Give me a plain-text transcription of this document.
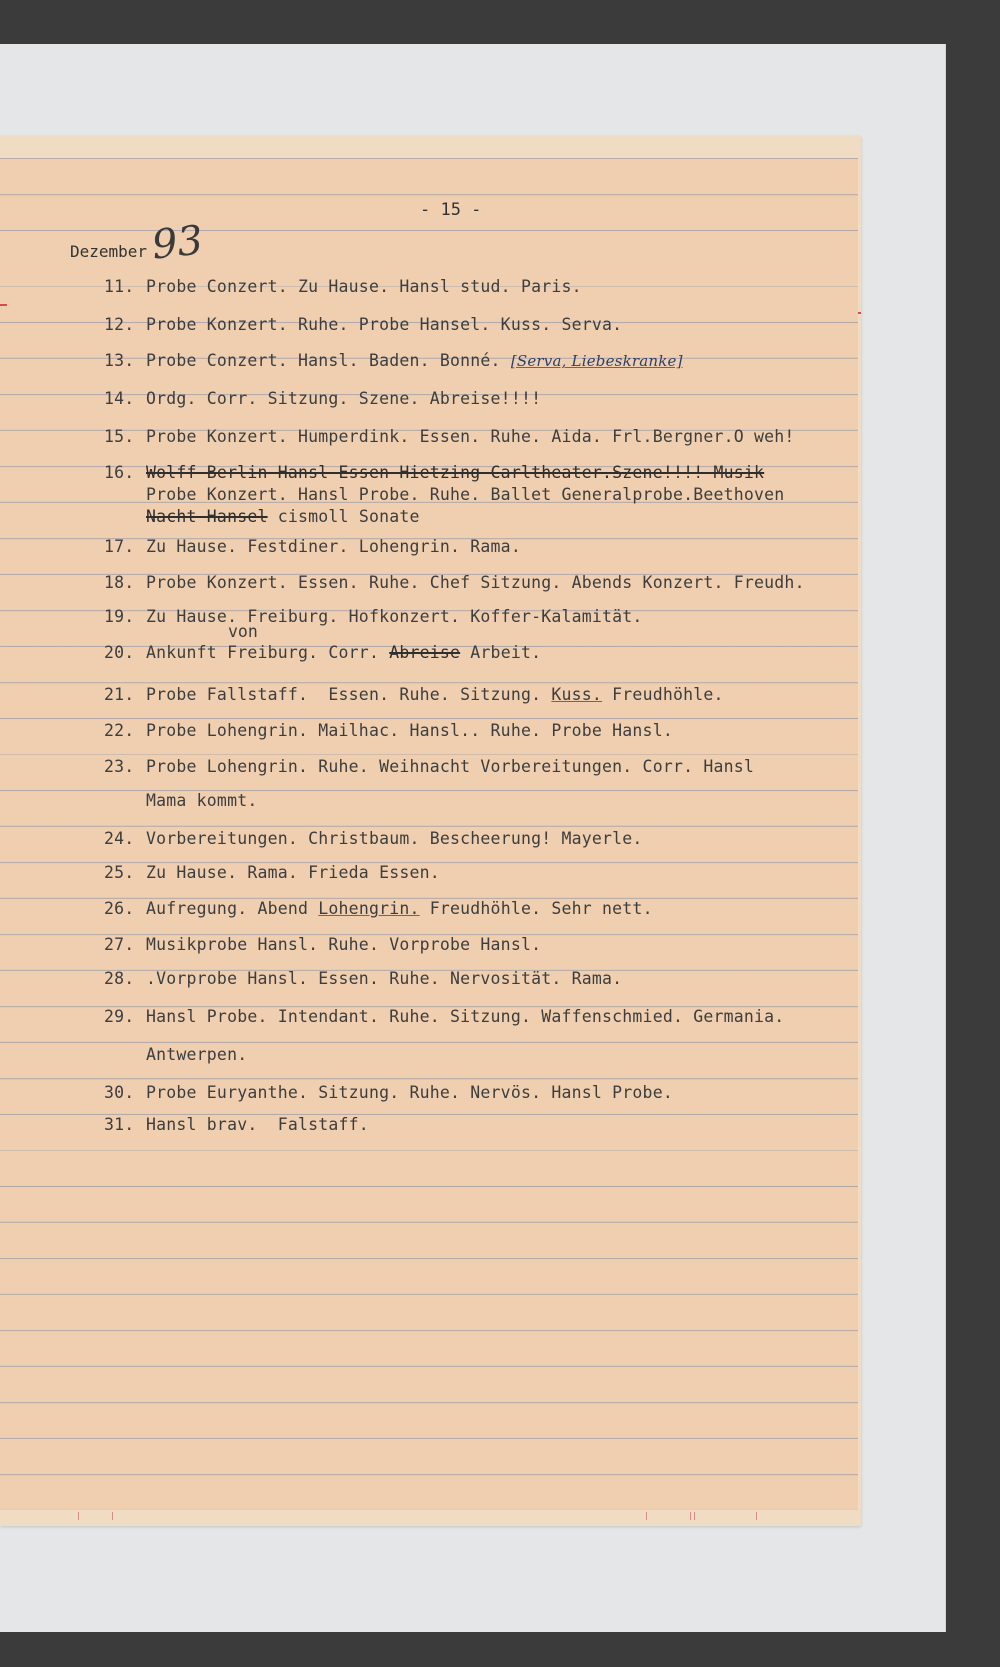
- 15 -
Dezember 93
11. Probe Conzert. Zu Hause. Hansl stud. Paris.
12. Probe Konzert. Ruhe. Probe Hansel. Kuss. Serva.
13. Probe Conzert. Hansl. Baden. Bonné. [Serva, Liebeskranke]
14. Ordg. Corr. Sitzung. Szene. Abreise!!!!
15. Probe Konzert. Humperdink. Essen. Ruhe. Aida. Frl.Bergner.O weh!
16. Wolff Berlin Hansl Essen Hietzing Carltheater.Szene!!!! Musik
Probe Konzert. Hansl Probe. Ruhe. Ballet Generalprobe.Beethoven
Nacht Hansel cismoll Sonate
17. Zu Hause. Festdiner. Lohengrin. Rama.
18. Probe Konzert. Essen. Ruhe. Chef Sitzung. Abends Konzert. Freudh.
19. Zu Hause. Freiburg. Hofkonzert. Koffer-Kalamität.
von
20. Ankunft Freiburg. Corr. Abreise Arbeit.
21. Probe Fallstaff.  Essen. Ruhe. Sitzung. Kuss. Freudhöhle.
22. Probe Lohengrin. Mailhac. Hansl.. Ruhe. Probe Hansl.
23. Probe Lohengrin. Ruhe. Weihnacht Vorbereitungen. Corr. Hansl
Mama kommt.
24. Vorbereitungen. Christbaum. Bescheerung! Mayerle.
25. Zu Hause. Rama. Frieda Essen.
26. Aufregung. Abend Lohengrin. Freudhöhle. Sehr nett.
27. Musikprobe Hansl. Ruhe. Vorprobe Hansl.
28. .Vorprobe Hansl. Essen. Ruhe. Nervosität. Rama.
29. Hansl Probe. Intendant. Ruhe. Sitzung. Waffenschmied. Germania.
Antwerpen.
30. Probe Euryanthe. Sitzung. Ruhe. Nervös. Hansl Probe.
31. Hansl brav.  Falstaff.
